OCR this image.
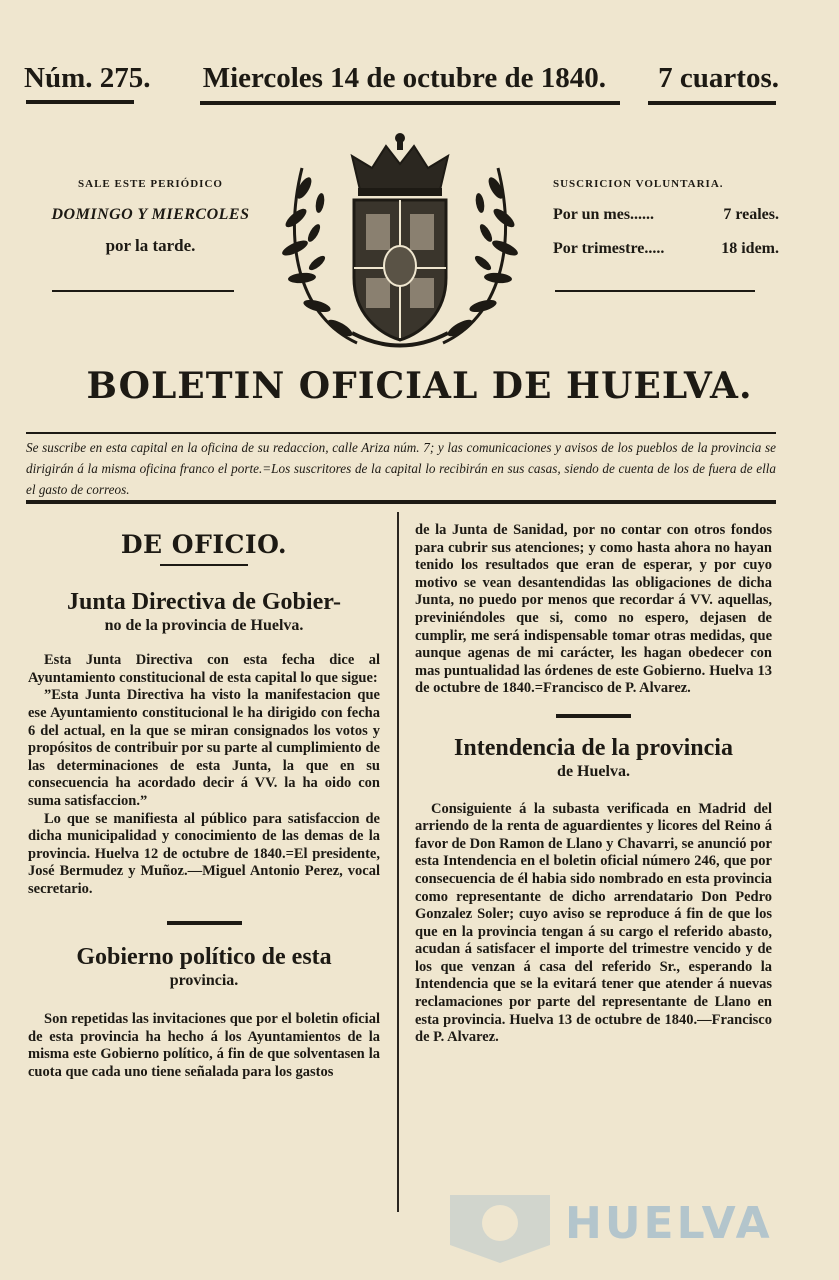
Núm. 275. Miercoles 14 de octubre de 1840. 7 cuartos.
SALE ESTE PERIÓDICO
DOMINGO Y MIERCOLES
por la tarde.
SUSCRICION VOLUNTARIA.
Por un mes......	7 reales.
Por trimestre.....	18 idem.
BOLETIN OFICIAL DE HUELVA.
Se suscribe en esta capital en la oficina de su redaccion, calle Ariza núm. 7; y las comunicaciones y avisos de los pueblos de la provincia se dirigirán á la misma oficina franco el porte.=Los suscritores de la capital lo recibirán en sus casas, siendo de cuenta de los de fuera de ella el gasto de correos.
DE OFICIO.
Junta Directiva de Gobier-
no de la provincia de Huelva.
Esta Junta Directiva con esta fecha dice al Ayuntamiento constitucional de esta capital lo que sigue:
”Esta Junta Directiva ha visto la manifestacion que ese Ayuntamiento constitucional le ha dirigido con fecha 6 del actual, en la que se miran consignados los votos y propósitos de contribuir por su parte al cumplimiento de las determinaciones de esta Junta, la que en su consecuencia ha acordado decir á VV. la ha oido con suma satisfaccion.”
Lo que se manifiesta al público para satisfaccion de dicha municipalidad y conocimiento de las demas de la provincia. Huelva 12 de octubre de 1840.=El presidente, José Bermudez y Muñoz.—Miguel Antonio Perez, vocal secretario.
Gobierno político de esta
provincia.
Son repetidas las invitaciones que por el boletin oficial de esta provincia ha hecho á los Ayuntamientos de la misma este Gobierno político, á fin de que solventasen la cuota que cada uno tiene señalada para los gastos
de la Junta de Sanidad, por no contar con otros fondos para cubrir sus atenciones; y como hasta ahora no hayan tenido los resultados que eran de esperar, y por cuyo motivo se vean desantendidas las obligaciones de dicha Junta, no puedo por menos que recordar á VV. aquellas, previniéndoles que si, como no espero, dejasen de cumplir, me será indispensable tomar otras medidas, que aunque agenas de mi carácter, les hagan obedecer con mas puntualidad las órdenes de este Gobierno. Huelva 13 de octubre de 1840.=Francisco de P. Alvarez.
Intendencia de la provincia
de Huelva.
Consiguiente á la subasta verificada en Madrid del arriendo de la renta de aguardientes y licores del Reino á favor de Don Ramon de Llano y Chavarri, se anunció por esta Intendencia en el boletin oficial número 246, que por consecuencia de él habia sido nombrado en esta provincia como representante de dicho arrendatario Don Pedro Gonzalez Soler; cuyo aviso se reproduce á fin de que los que en la provincia tengan á su cargo el referido abasto, acudan á satisfacer el importe del trimestre vencido y de los que venzan á casa del referido Sr., esperando la Intendencia que se la evitará tener que atender á nuevas reclamaciones por parte del representante de Llano en esta provincia. Huelva 13 de octubre de 1840.—Francisco de P. Alvarez.
HUELVA
